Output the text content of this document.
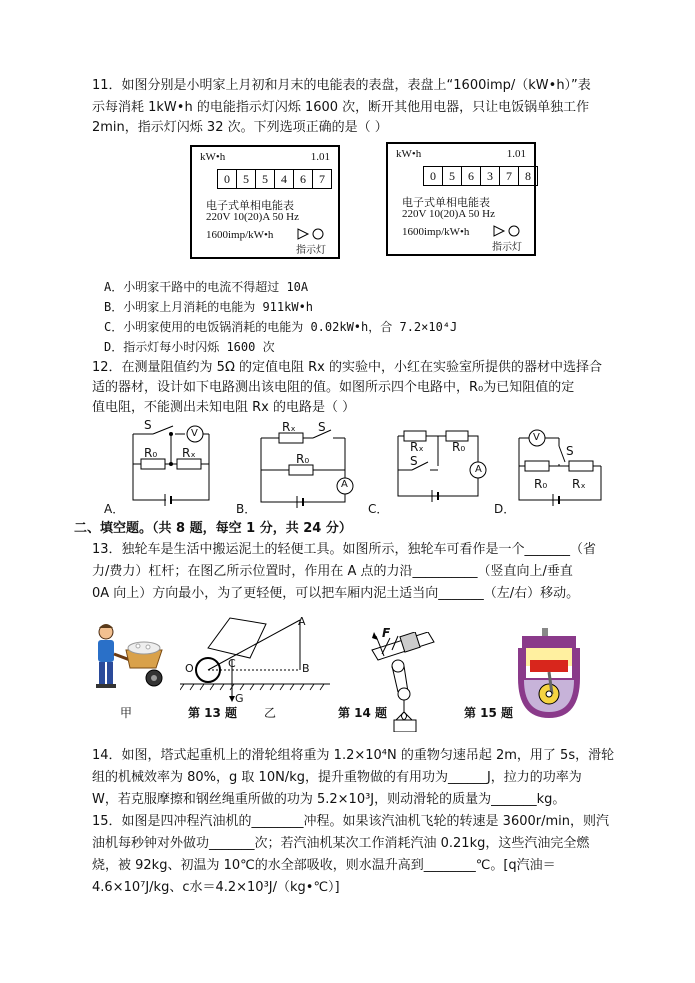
11．如图分别是小明家上月初和月末的电能表的表盘，表盘上“1600imp/（kW•h）”表
示每消耗 1kW•h 的电能指示灯闪烁 1600 次，断开其他用电器，只让电饭锅单独工作
2min，指示灯闪烁 32 次。下列选项正确的是（ ）
kW•h	1.01
0	5	5	4	6	7
电子式单相电能表
220V 10(20)A 50 Hz
1600imp/kW•h
指示灯
kW•h	1.01
0	5	6	3	7	8
电子式单相电能表
220V 10(20)A 50 Hz
1600imp/kW•h
指示灯
A．小明家干路中的电流不得超过 10A
B．小明家上月消耗的电能为 911kW•h
C．小明家使用的电饭锅消耗的电能为 0.02kW•h，合 7.2×10⁴J
D．指示灯每小时闪烁 1600 次
12．在测量阻值约为 5Ω 的定值电阻 Rx 的实验中，小红在实验室所提供的器材中选择合
适的器材，设计如下电路测出该电阻的值。如图所示四个电路中，R₀为已知阻值的定
值电阻，不能测出未知电阻 Rx 的电路是（ ）
S
V
R₀ Rₓ
A．
Rₓ S
R₀
A
B．
Rₓ R₀
S
A
C．
V
S
R₀ Rₓ
D．
二、填空题。（共 8 题，每空 1 分，共 24 分）
13．独轮车是生活中搬运泥土的轻便工具。如图所示，独轮车可看作是一个_______（省
力/费力）杠杆；在图乙所示位置时，作用在 A 点的力沿__________（竖直向上/垂直
0A 向上）方向最小，为了更轻便，可以把车厢内泥土适当向_______（左/右）移动。
甲
A
B
C
O
G
乙
F
第 13 题	第 14 题	第 15 题
14．如图，塔式起重机上的滑轮组将重为 1.2×10⁴N 的重物匀速吊起 2m，用了 5s，滑轮
组的机械效率为 80%，g 取 10N/kg，提升重物做的有用功为______J，拉力的功率为
W，若克服摩擦和钢丝绳重所做的功为 5.2×10³J，则动滑轮的质量为_______kg。
15．如图是四冲程汽油机的________冲程。如果该汽油机飞轮的转速是 3600r/min，则汽
油机每秒钟对外做功_______次；若汽油机某次工作消耗汽油 0.21kg，这些汽油完全燃
烧，被 92kg、初温为 10℃的水全部吸收，则水温升高到________℃。[q汽油＝
4.6×10⁷J/kg、c水＝4.2×10³J/（kg•℃）]
